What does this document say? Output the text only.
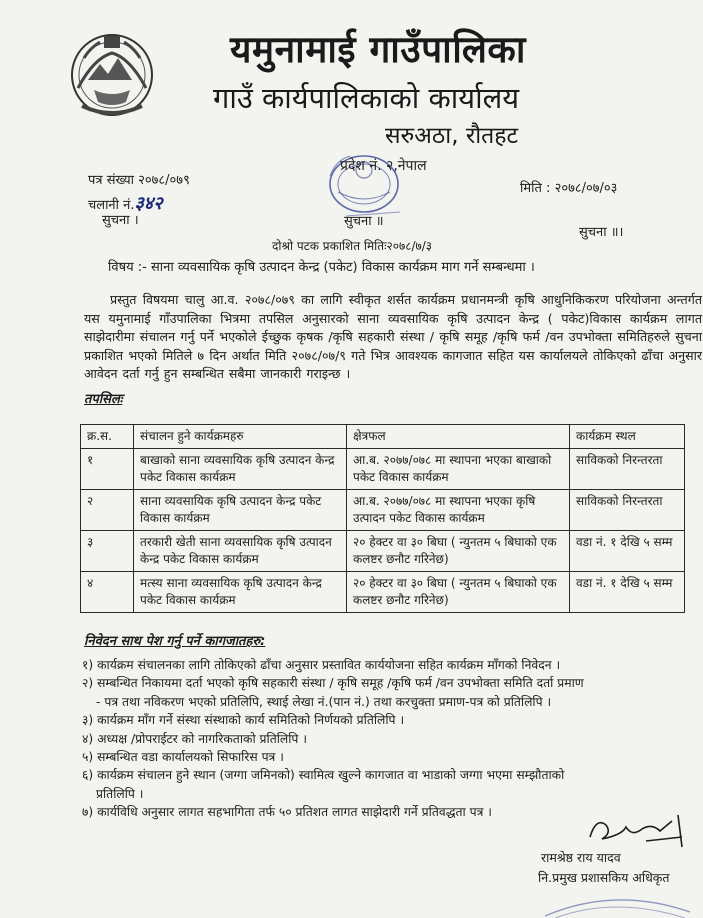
यमुनामाई गाउँपालिका
गाउँ कार्यपालिकाको कार्यालय
सरुअठा, रौतहट
प्रदेश नं. २,नेपाल
पत्र संख्या २०७८/०७९
चलानी नं.३४२
मिति : २०७८/०७/०३
सुचना ।	सुचना ॥
सुचना ॥।
दोश्रो पटक प्रकाशित मितिः२०७८/७/३
विषय :- साना व्यवसायिक कृषि उत्पादन केन्द्र (पकेट) विकास कार्यक्रम माग गर्ने सम्बन्धमा ।
प्रस्तुत विषयमा चालु आ.व. २०७८/०७९ का लागि स्वीकृत शर्सत कार्यक्रम प्रधानमन्त्री कृषि आधुनिकिकरण परियोजना अन्तर्गत यस यमुनामाई गाँउपालिका भित्रमा तपसिल अनुसारको साना व्यवसायिक कृषि उत्पादन केन्द्र ( पकेट)विकास कार्यक्रम लागत साझेदारीमा संचालन गर्नु पर्ने भएकोले ईच्छुक कृषक /कृषि सहकारी संस्था / कृषि समूह /कृषि फर्म /वन उपभोक्ता समितिहरुले सुचना प्रकाशित भएको मितिले ७ दिन अर्थात मिति २०७८/०७/९ गते भित्र आवश्यक कागजात सहित यस कार्यालयले तोकिएको ढाँचा अनुसार आवेदन दर्ता गर्नु हुन सम्बन्धित सबैमा जानकारी गराइन्छ ।
तपसिलः
क्र.स.	संचालन हुने कार्यक्रमहरु	क्षेत्रफल	कार्यक्रम स्थल
१	बाखाको साना व्यवसायिक कृषि उत्पादन केन्द्र पकेट विकास कार्यक्रम	आ.ब. २०७७/०७८ मा स्थापना भएका बाखाको पकेट विकास कार्यक्रम	साविकको निरन्तरता
२	साना व्यवसायिक कृषि उत्पादन केन्द्र पकेट विकास कार्यक्रम	आ.ब. २०७७/०७८ मा स्थापना भएका कृषि उत्पादन पकेट विकास कार्यक्रम	साविकको निरन्तरता
३	तरकारी खेती साना व्यवसायिक कृषि उत्पादन केन्द्र पकेट विकास कार्यक्रम	२० हेक्टर वा ३० बिघा ( न्युनतम ५ बिघाको एक कलष्टर छनौट गरिनेछ)	वडा नं. १ देखि ५ सम्म
४	मत्स्य साना व्यवसायिक कृषि उत्पादन केन्द्र पकेट विकास कार्यक्रम	२० हेक्टर वा ३० बिघा ( न्युनतम ५ बिघाको एक कलष्टर छनौट गरिनेछ)	वडा नं. १ देखि ५ सम्म
निवेदन साथ पेश गर्नु पर्ने कागजातहरु:
१) कार्यक्रम संचालनका लागि तोकिएको ढाँचा अनुसार प्रस्तावित कार्ययोजना सहित कार्यक्रम माँगको निवेदन ।
२) सम्बन्धित निकायमा दर्ता भएको कृषि सहकारी संस्था / कृषि समूह /कृषि फर्म /वन उपभोक्ता समिति दर्ता प्रमाण
- पत्र तथा नविकरण भएको प्रतिलिपि, स्थाई लेखा नं.(पान नं.) तथा करचुक्ता प्रमाण-पत्र को प्रतिलिपि ।
३) कार्यक्रम माँग गर्ने संस्था संस्थाको कार्य समितिको निर्णयको प्रतिलिपि ।
४) अध्यक्ष /प्रोपराईटर को नागरिकताको प्रतिलिपि ।
५) सम्बन्धित वडा कार्यालयको सिफारिस पत्र ।
६) कार्यक्रम संचालन हुने स्थान (जग्गा जमिनको) स्वामित्व खुल्ने कागजात वा भाडाको जग्गा भएमा सम्झौताको
प्रतिलिपि ।
७) कार्यविधि अनुसार लागत सहभागिता तर्फ ५० प्रतिशत लागत साझेदारी गर्ने प्रतिवद्धता पत्र ।
रामश्रेष्ठ राय यादव
नि.प्रमुख प्रशासकिय अधिकृत
